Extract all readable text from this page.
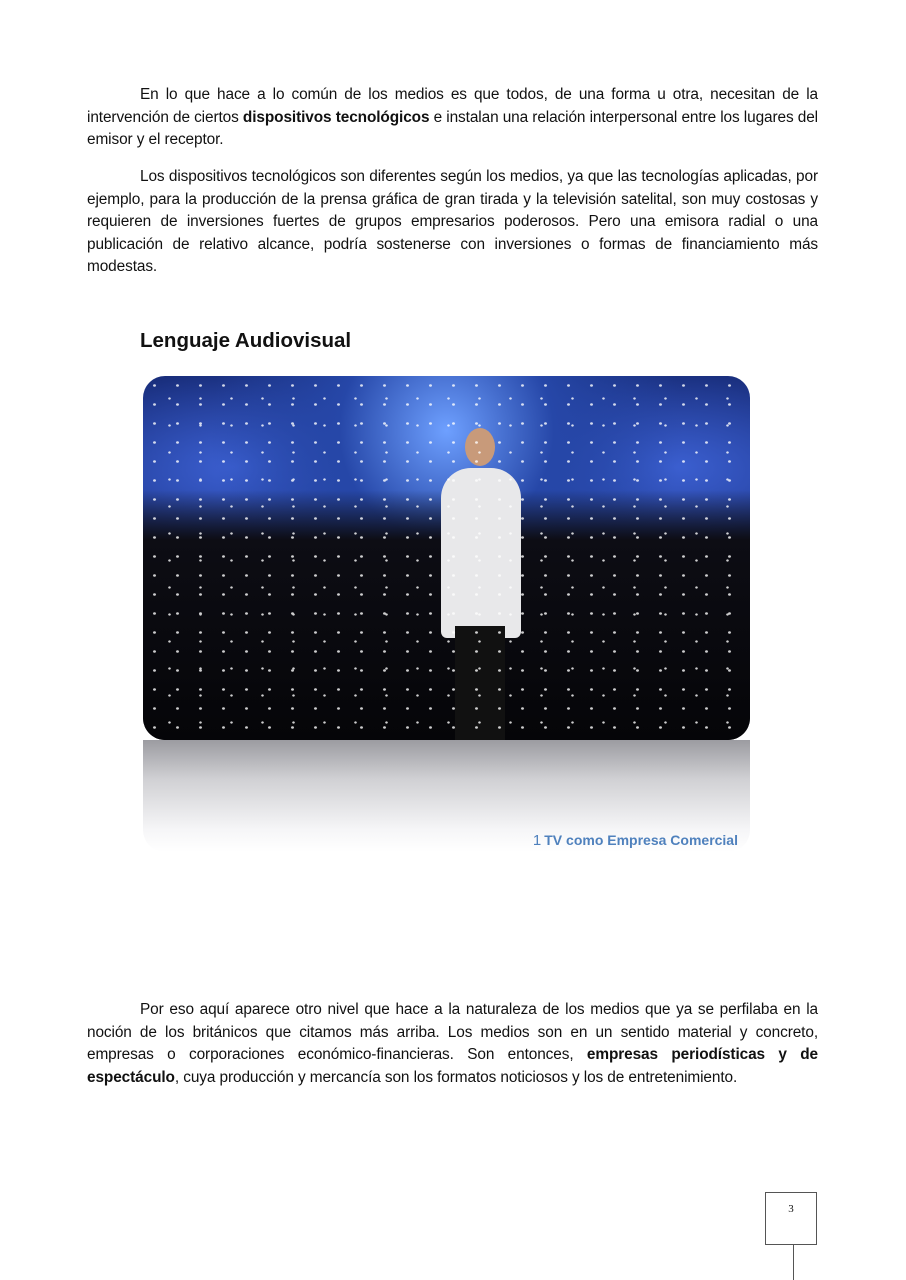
En lo que hace a lo común de los medios es que todos, de una forma u otra, necesitan de la intervención de ciertos dispositivos tecnológicos e instalan una relación interpersonal entre los lugares del emisor y el receptor.

Los dispositivos tecnológicos son diferentes según los medios, ya que las tecnologías aplicadas, por ejemplo, para la producción de la prensa gráfica de gran tirada y la televisión satelital, son muy costosas y requieren de inversiones fuertes de grupos empresarios poderosos. Pero una emisora radial o una publicación de relativo alcance, podría sostenerse con inversiones o formas de financiamiento más modestas.

Lenguaje Audiovisual
1 TV como Empresa Comercial

Por eso aquí aparece otro nivel que hace a la naturaleza de los medios que ya se perfilaba en la noción de los británicos que citamos más arriba. Los medios son en un sentido material y concreto, empresas o corporaciones económico-financieras. Son entonces, empresas periodísticas y de espectáculo, cuya producción y mercancía son los formatos noticiosos y los de entretenimiento.

3
